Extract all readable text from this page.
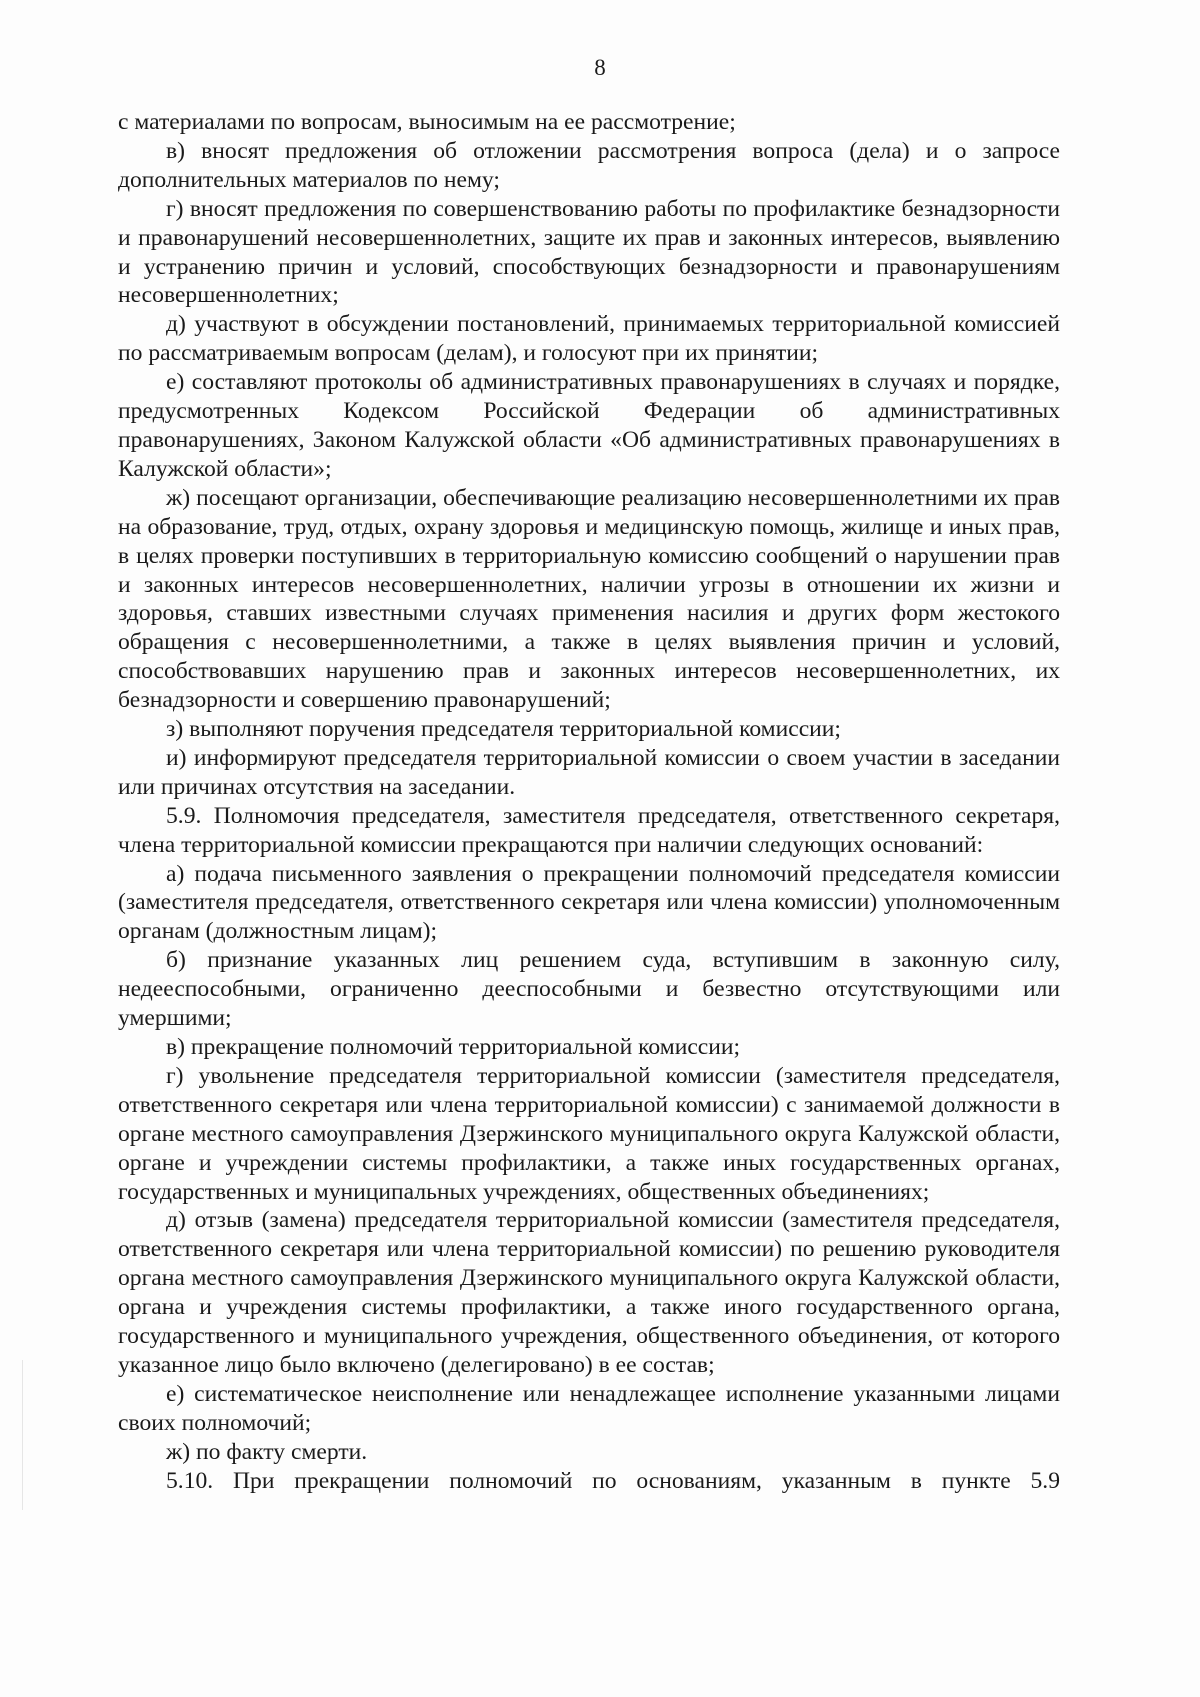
8

с материалами по вопросам, выносимым на ее рассмотрение;

в) вносят предложения об отложении рассмотрения вопроса (дела) и о запросе дополнительных материалов по нему;

г) вносят предложения по совершенствованию работы по профилактике безнадзорности и правонарушений несовершеннолетних, защите их прав и законных интересов, выявлению и устранению причин и условий, способствующих безнадзорности и правонарушениям несовершеннолетних;

д) участвуют в обсуждении постановлений, принимаемых территориальной комиссией по рассматриваемым вопросам (делам), и голосуют при их принятии;

е) составляют протоколы об административных правонарушениях в случаях и порядке, предусмотренных Кодексом Российской Федерации об административных правонарушениях, Законом Калужской области «Об административных правонарушениях в Калужской области»;

ж) посещают организации, обеспечивающие реализацию несовершеннолетними их прав на образование, труд, отдых, охрану здоровья и медицинскую помощь, жилище и иных прав, в целях проверки поступивших в территориальную комиссию сообщений о нарушении прав и законных интересов несовершеннолетних, наличии угрозы в отношении их жизни и здоровья, ставших известными случаях применения насилия и других форм жестокого обращения с несовершеннолетними, а также в целях выявления причин и условий, способствовавших нарушению прав и законных интересов несовершеннолетних, их безнадзорности и совершению правонарушений;

з) выполняют поручения председателя территориальной комиссии;

и) информируют председателя территориальной комиссии о своем участии в заседании или причинах отсутствия на заседании.

5.9. Полномочия председателя, заместителя председателя, ответственного секретаря, члена территориальной комиссии прекращаются при наличии следующих оснований:

а) подача письменного заявления о прекращении полномочий председателя комиссии (заместителя председателя, ответственного секретаря или члена комиссии) уполномоченным органам (должностным лицам);

б) признание указанных лиц решением суда, вступившим в законную силу, недееспособными, ограниченно дееспособными и безвестно отсутствующими или умершими;

в) прекращение полномочий территориальной комиссии;

г) увольнение председателя территориальной комиссии (заместителя председателя, ответственного секретаря или члена территориальной комиссии) с занимаемой должности в органе местного самоуправления Дзержинского муниципального округа Калужской области, органе и учреждении системы профилактики, а также иных государственных органах, государственных и муниципальных учреждениях, общественных объединениях;

д) отзыв (замена) председателя территориальной комиссии (заместителя председателя, ответственного секретаря или члена территориальной комиссии) по решению руководителя органа местного самоуправления Дзержинского муниципального округа Калужской области, органа и учреждения системы профилактики, а также иного государственного органа, государственного и муниципального учреждения, общественного объединения, от которого указанное лицо было включено (делегировано) в ее состав;

е) систематическое неисполнение или ненадлежащее исполнение указанными лицами своих полномочий;

ж) по факту смерти.

5.10. При прекращении полномочий по основаниям, указанным в пункте 5.9
